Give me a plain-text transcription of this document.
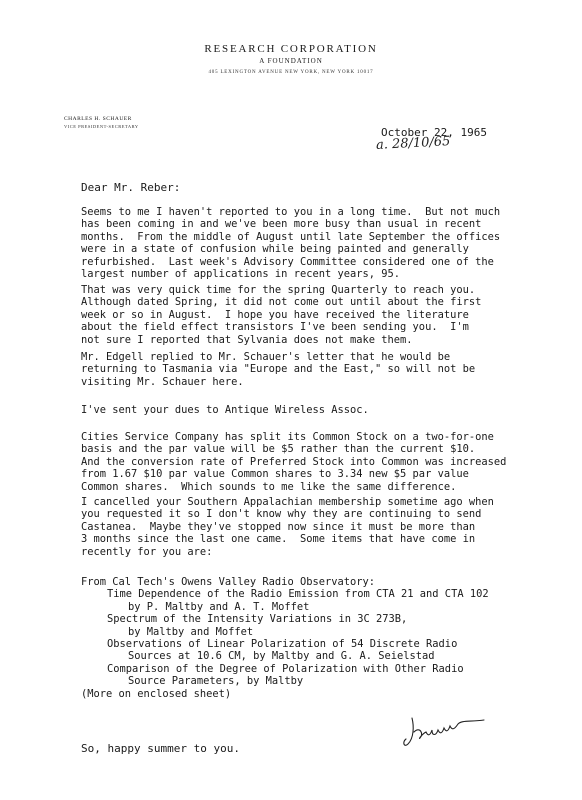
RESEARCH CORPORATION
A FOUNDATION
405 LEXINGTON AVENUE NEW YORK, NEW YORK 10017
CHARLES H. SCHAUER
VICE PRESIDENT-SECRETARY	October 22, 1965
a. 28/10/65
Dear Mr. Reber:

Seems to me I haven't reported to you in a long time.  But not much
has been coming in and we've been more busy than usual in recent
months.  From the middle of August until late September the offices
were in a state of confusion while being painted and generally
refurbished.  Last week's Advisory Committee considered one of the
largest number of applications in recent years, 95.

That was very quick time for the spring Quarterly to reach you.
Although dated Spring, it did not come out until about the first
week or so in August.  I hope you have received the literature
about the field effect transistors I've been sending you.  I'm
not sure I reported that Sylvania does not make them.

Mr. Edgell replied to Mr. Schauer's letter that he would be
returning to Tasmania via "Europe and the East," so will not be
visiting Mr. Schauer here.

I've sent your dues to Antique Wireless Assoc.

Cities Service Company has split its Common Stock on a two-for-one
basis and the par value will be $5 rather than the current $10.
And the conversion rate of Preferred Stock into Common was increased
from 1.67 $10 par value Common shares to 3.34 new $5 par value
Common shares.  Which sounds to me like the same difference.

I cancelled your Southern Appalachian membership sometime ago when
you requested it so I don't know why they are continuing to send
Castanea.  Maybe they've stopped now since it must be more than
3 months since the last one came.  Some items that have come in
recently for you are:

From Cal Tech's Owens Valley Radio Observatory:
Time Dependence of the Radio Emission from CTA 21 and CTA 102
by P. Maltby and A. T. Moffet
Spectrum of the Intensity Variations in 3C 273B,
by Maltby and Moffet
Observations of Linear Polarization of 54 Discrete Radio
Sources at 10.6 CM, by Maltby and G. A. Seielstad
Comparison of the Degree of Polarization with Other Radio
Source Parameters, by Maltby
(More on enclosed sheet)
So, happy summer to you.
